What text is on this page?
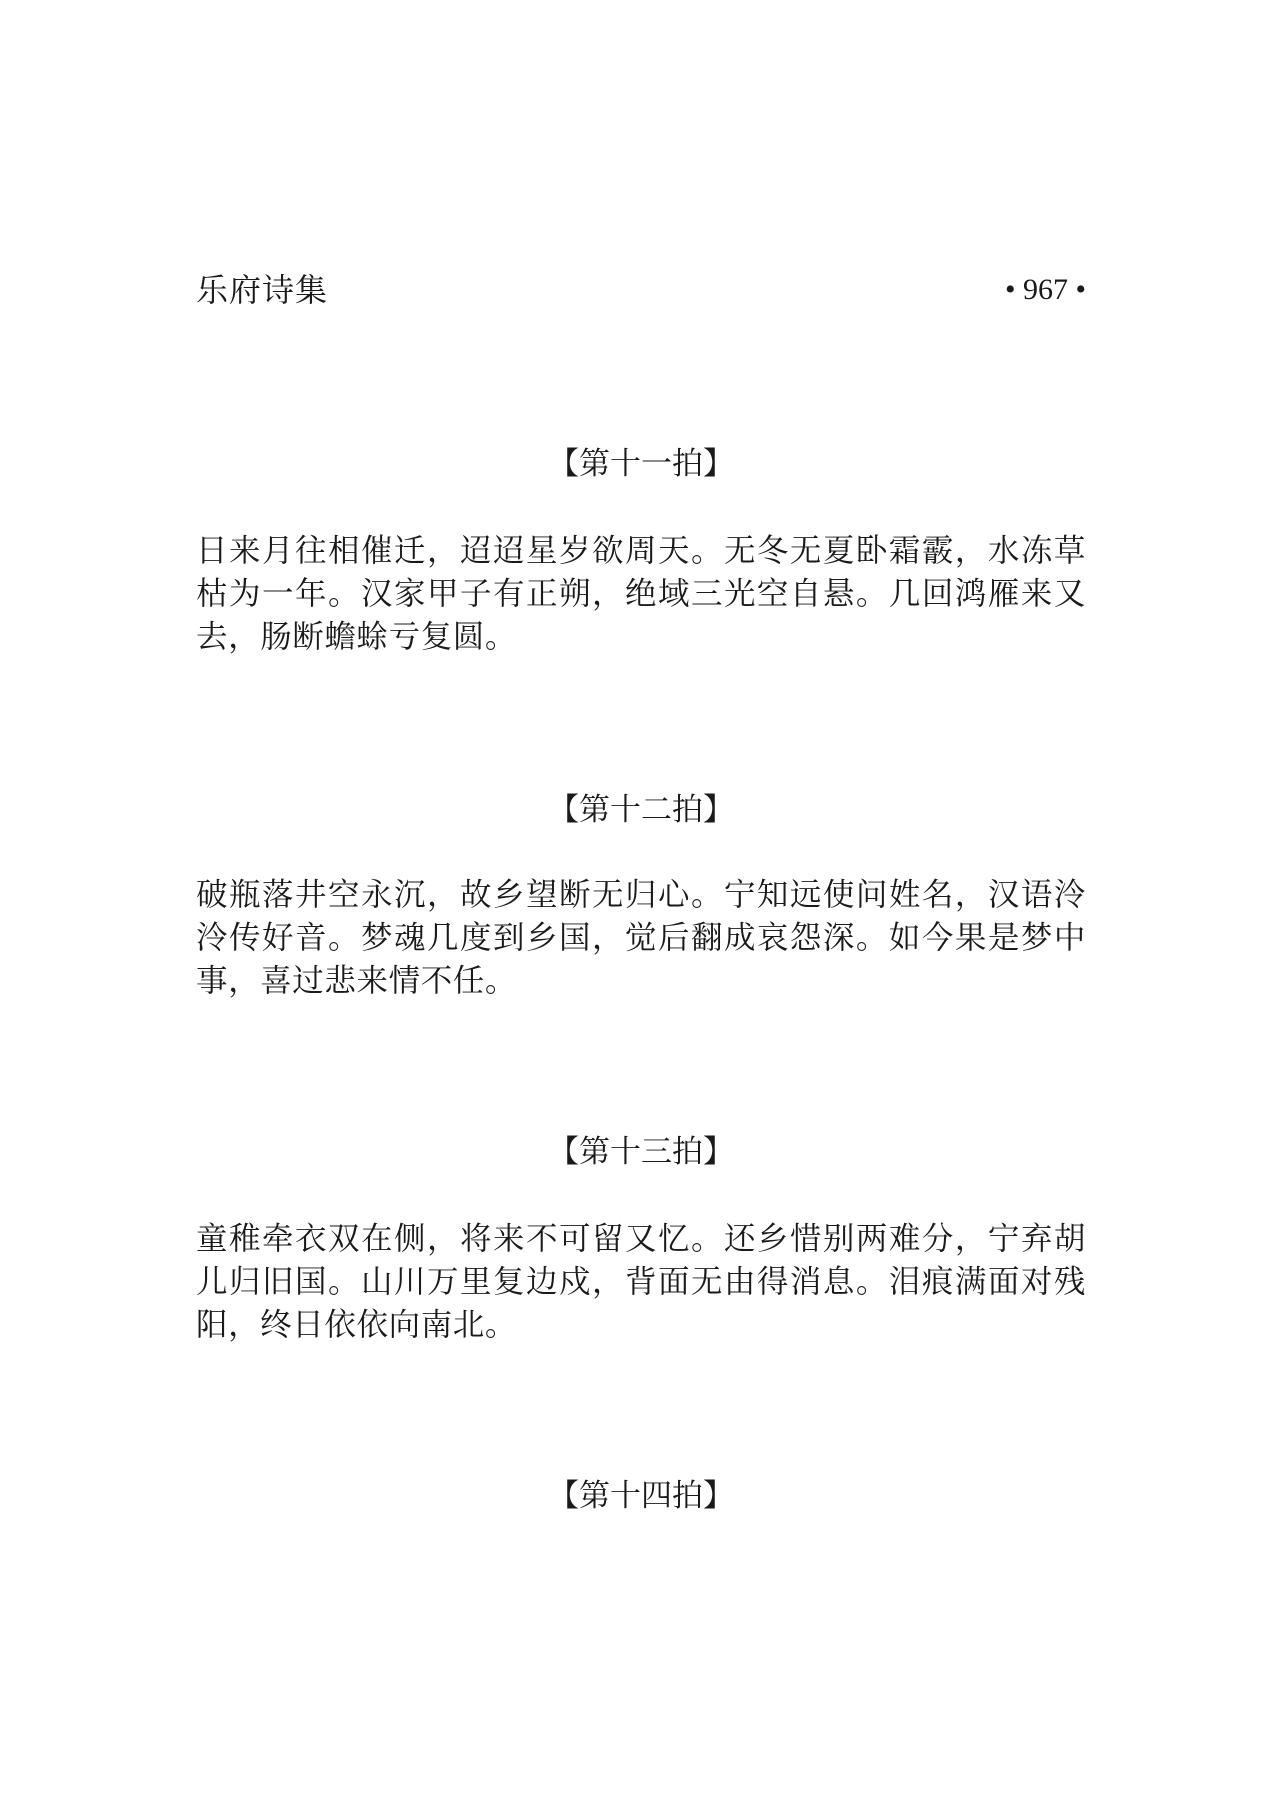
乐府诗集	• 967 •
【第十一拍】

日来月往相催迁，迢迢星岁欲周天。无冬无夏卧霜霰，水冻草枯为一年。汉家甲子有正朔，绝域三光空自悬。几回鸿雁来又去，肠断蟾蜍亏复圆。

【第十二拍】

破瓶落井空永沉，故乡望断无归心。宁知远使问姓名，汉语泠泠传好音。梦魂几度到乡国，觉后翻成哀怨深。如今果是梦中事，喜过悲来情不任。

【第十三拍】

童稚牵衣双在侧，将来不可留又忆。还乡惜别两难分，宁弃胡儿归旧国。山川万里复边戍，背面无由得消息。泪痕满面对残阳，终日依依向南北。

【第十四拍】
